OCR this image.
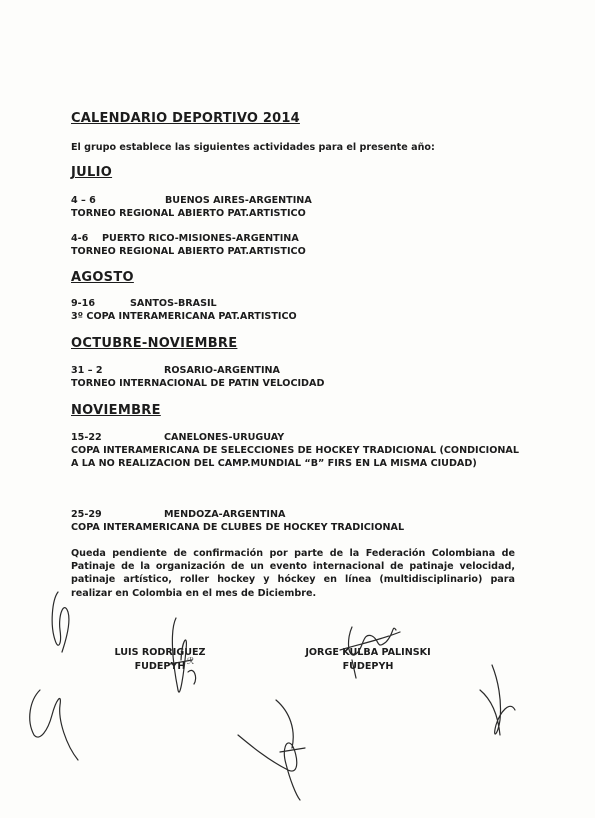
CALENDARIO DEPORTIVO 2014
El grupo establece las siguientes actividades para el presente año:
JULIO
4 – 6	BUENOS AIRES-ARGENTINA
TORNEO REGIONAL ABIERTO PAT.ARTISTICO
4-6 PUERTO RICO-MISIONES-ARGENTINA
TORNEO REGIONAL ABIERTO PAT.ARTISTICO
AGOSTO
9-16	SANTOS-BRASIL
3º COPA INTERAMERICANA PAT.ARTISTICO
OCTUBRE-NOVIEMBRE
31 – 2	ROSARIO-ARGENTINA
TORNEO INTERNACIONAL DE PATIN VELOCIDAD
NOVIEMBRE
15-22	CANELONES-URUGUAY
COPA INTERAMERICANA DE SELECCIONES DE HOCKEY TRADICIONAL (CONDICIONAL A LA NO REALIZACION DEL CAMP.MUNDIAL “B” FIRS EN LA MISMA CIUDAD)
25-29	MENDOZA-ARGENTINA
COPA INTERAMERICANA DE CLUBES DE HOCKEY TRADICIONAL
Queda pendiente de confirmación por parte de la Federación Colombiana de Patinaje de la organización de un evento internacional de patinaje velocidad, patinaje artístico, roller hockey y hóckey en línea (multidisciplinario) para realizar en Colombia en el mes de Diciembre.
LUIS RODRIGUEZ
FUDEPYH
JORGE KULBA PALINSKI
FUDEPYH
ℛ
